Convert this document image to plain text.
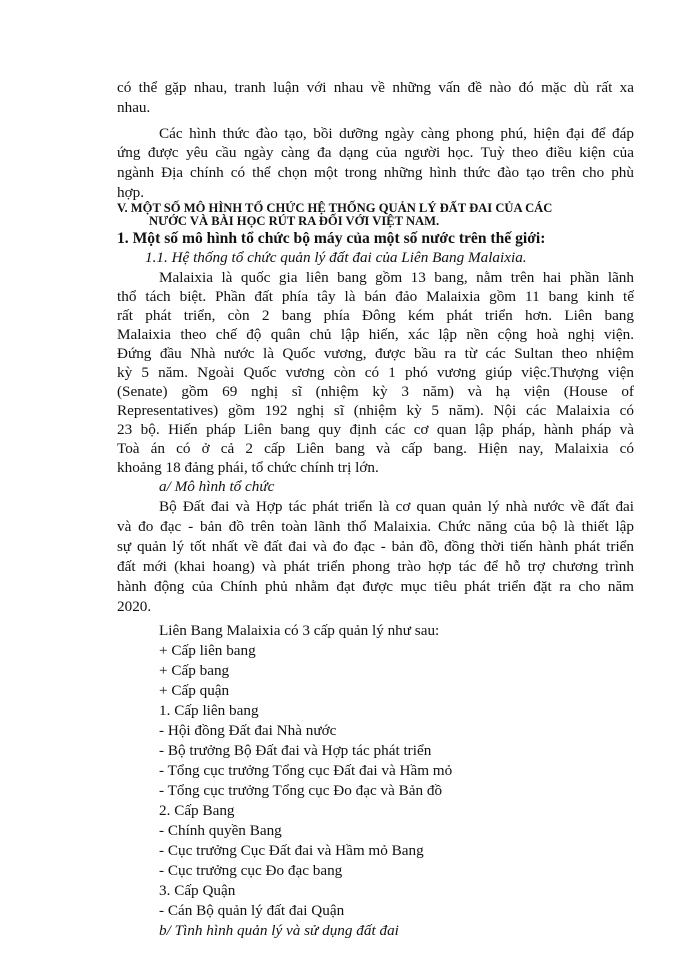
có thể gặp nhau, tranh luận với nhau về những vấn đề nào đó mặc dù rất xa

nhau.

Các hình thức đào tạo, bồi dưỡng ngày càng phong phú, hiện đại để đáp

ứng được yêu cầu ngày càng đa dạng của người học. Tuỳ theo điều kiện của

ngành Địa chính có thể chọn một trong những hình thức đào tạo trên cho phù

hợp.

V. MỘT SỐ MÔ HÌNH TỔ CHỨC HỆ THỐNG QUẢN LÝ ĐẤT ĐAI CỦA CÁC

NƯỚC VÀ BÀI HỌC RÚT RA ĐỐI VỚI VIỆT NAM.

1. Một số mô hình tổ chức bộ máy của một số nước trên thế giới:

1.1. Hệ thống tổ chức quản lý đất đai của Liên Bang Malaixia.

Malaixia là quốc gia liên bang gồm 13 bang, nằm trên hai phần lãnh

thổ tách biệt. Phần đất phía tây là bán đảo Malaixia gồm 11 bang kinh tế

rất phát triển, còn 2 bang phía Đông kém phát triển hơn. Liên bang

Malaixia theo chế độ quân chủ lập hiến, xác lập nền cộng hoà nghị viện.

Đứng đầu Nhà nước là Quốc vương, được bầu ra từ các Sultan theo nhiệm

kỳ 5 năm. Ngoài Quốc vương còn có 1 phó vương giúp việc.Thượng viện

(Senate) gồm 69 nghị sĩ (nhiệm kỳ 3 năm) và hạ viện (House of

Representatives) gồm 192 nghị sĩ (nhiệm kỳ 5 năm). Nội các Malaixia có

23 bộ. Hiến pháp Liên bang quy định các cơ quan lập pháp, hành pháp và

Toà án có ở cả 2 cấp Liên bang và cấp bang. Hiện nay, Malaixia có

khoảng 18 đảng phái, tổ chức chính trị lớn.

a/ Mô hình tổ chức

Bộ Đất đai và Hợp tác phát triển là cơ quan quản lý nhà nước về đất đai

và đo đạc - bản đồ trên toàn lãnh thổ Malaixia. Chức năng của bộ là thiết lập

sự quản lý tốt nhất về đất đai và đo đạc - bản đồ, đồng thời tiến hành phát triển

đất mới (khai hoang) và phát triển phong trào hợp tác để hỗ trợ chương trình

hành động của Chính phủ nhằm đạt được mục tiêu phát triển đặt ra cho năm

2020.

Liên Bang Malaixia có 3 cấp quản lý như sau:

+ Cấp liên bang

+ Cấp bang

+ Cấp quận

1. Cấp liên bang

- Hội đồng Đất đai Nhà nước

- Bộ trưởng Bộ Đất đai và Hợp tác phát triển

- Tổng cục trưởng Tổng cục Đất đai và Hầm mỏ

- Tổng cục trưởng Tổng cục Đo đạc và Bản đồ

2. Cấp Bang

- Chính quyền Bang

- Cục trưởng Cục Đất đai và Hầm mỏ Bang

- Cục trưởng cục Đo đạc bang

3. Cấp Quận

- Cán Bộ quản lý đất đai Quận

b/ Tình hình quản lý và sử dụng đất đai
